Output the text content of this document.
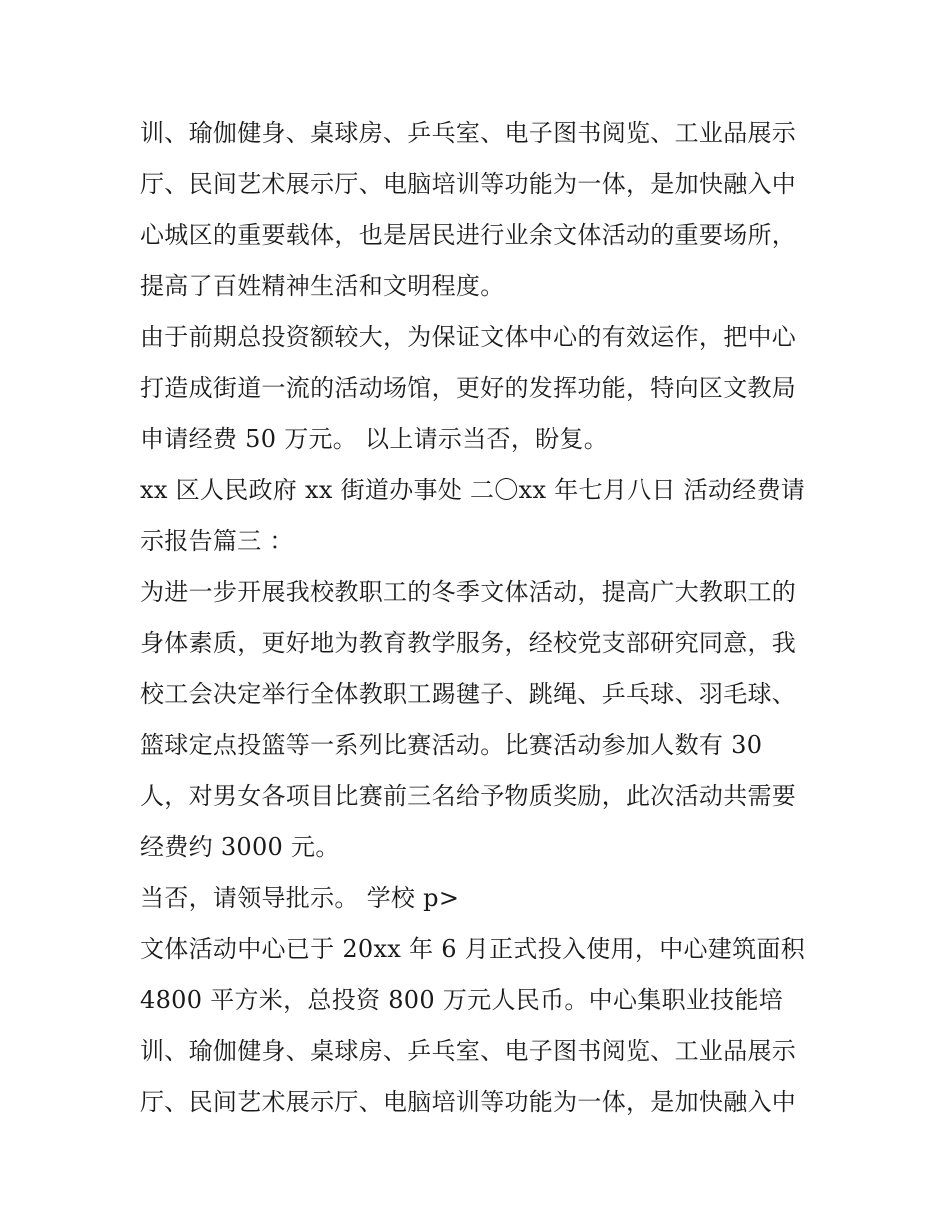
训、瑜伽健身、桌球房、乒乓室、电子图书阅览、工业品展示
厅、民间艺术展示厅、电脑培训等功能为一体，是加快融入中
心城区的重要载体，也是居民进行业余文体活动的重要场所，
提高了百姓精神生活和文明程度。
由于前期总投资额较大，为保证文体中心的有效运作，把中心
打造成街道一流的活动场馆，更好的发挥功能，特向区文教局
申请经费 50 万元。 以上请示当否，盼复。
xx 区人民政府 xx 街道办事处 二〇xx 年七月八日 活动经费请
示报告篇三 ：
为进一步开展我校教职工的冬季文体活动，提高广大教职工的
身体素质，更好地为教育教学服务，经校党支部研究同意，我
校工会决定举行全体教职工踢毽子、跳绳、乒乓球、羽毛球、
篮球定点投篮等一系列比赛活动。比赛活动参加人数有 30
人，对男女各项目比赛前三名给予物质奖励，此次活动共需要
经费约 3000 元。
当否，请领导批示。 学校 p>
文体活动中心已于 20xx 年 6 月正式投入使用，中心建筑面积
4800 平方米，总投资 800 万元人民币。中心集职业技能培
训、瑜伽健身、桌球房、乒乓室、电子图书阅览、工业品展示
厅、民间艺术展示厅、电脑培训等功能为一体，是加快融入中
